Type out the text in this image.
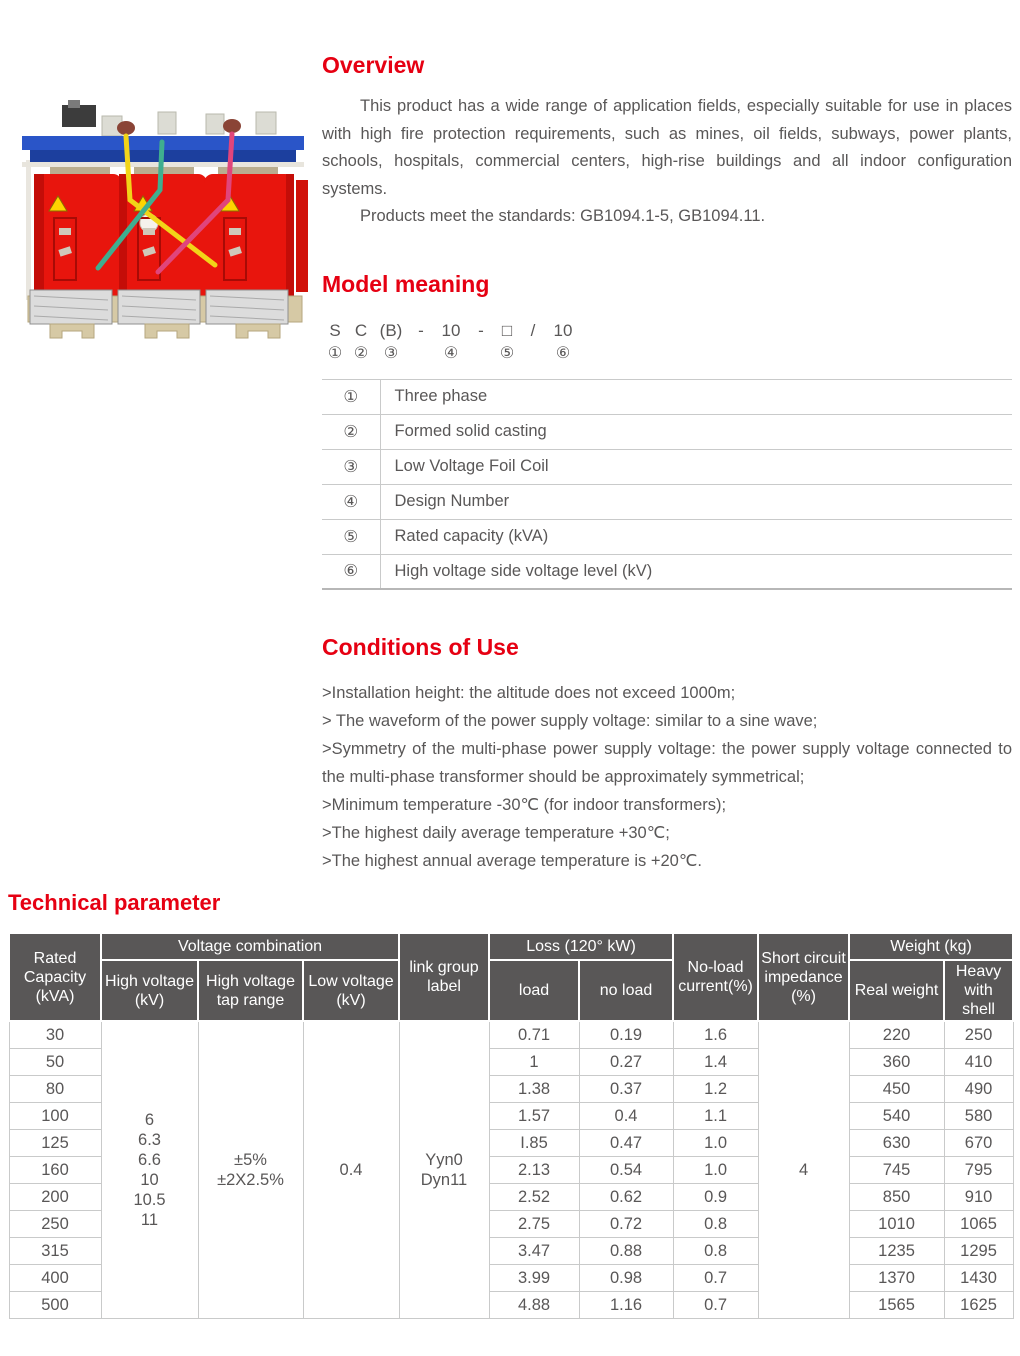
Overview

This product has a wide range of application fields, especially suitable for use in places with high fire protection requirements, such as mines, oil fields, subways, power plants, schools, hospitals, commercial centers, high-rise buildings and all indoor configuration systems.

Products meet the standards: GB1094.1-5, GB1094.11.

Model meaning
S
①
C
②
(B)
③
- 10
④
- □
⑤
/ 10
⑥
①	Three phase
②	Formed solid casting
③	Low Voltage Foil Coil
④	Design Number
⑤	Rated capacity (kVA)
⑥	High voltage side voltage level (kV)
Conditions of Use

>Installation height: the altitude does not exceed 1000m;

> The waveform of the power supply voltage: similar to a sine wave;

>Symmetry of the multi-phase power supply voltage: the power supply voltage connected to the multi-phase transformer should be approximately symmetrical;

>Minimum temperature -30℃ (for indoor transformers);

>The highest daily average temperature +30℃;

>The highest annual average temperature is +20℃.

Technical parameter
Rated Capacity (kVA)	Voltage combination			link group label	Loss (120° kW)		No-load current(%)	Short circuit impedance (%)	Weight (kg)	
	High voltage (kV)	High voltage tap range	Low voltage (kV)		load	no load			Real weight	Heavy with shell
30	6
6.3
6.6
10
10.5
11	±5%
±2X2.5%	0.4	Yyn0
Dyn11	0.71	0.19	1.6	4	220	250
50					1	0.27	1.4		360	410
80					1.38	0.37	1.2		450	490
100					1.57	0.4	1.1		540	580
125					I.85	0.47	1.0		630	670
160					2.13	0.54	1.0		745	795
200					2.52	0.62	0.9		850	910
250					2.75	0.72	0.8		1010	1065
315					3.47	0.88	0.8		1235	1295
400					3.99	0.98	0.7		1370	1430
500					4.88	1.16	0.7		1565	1625
